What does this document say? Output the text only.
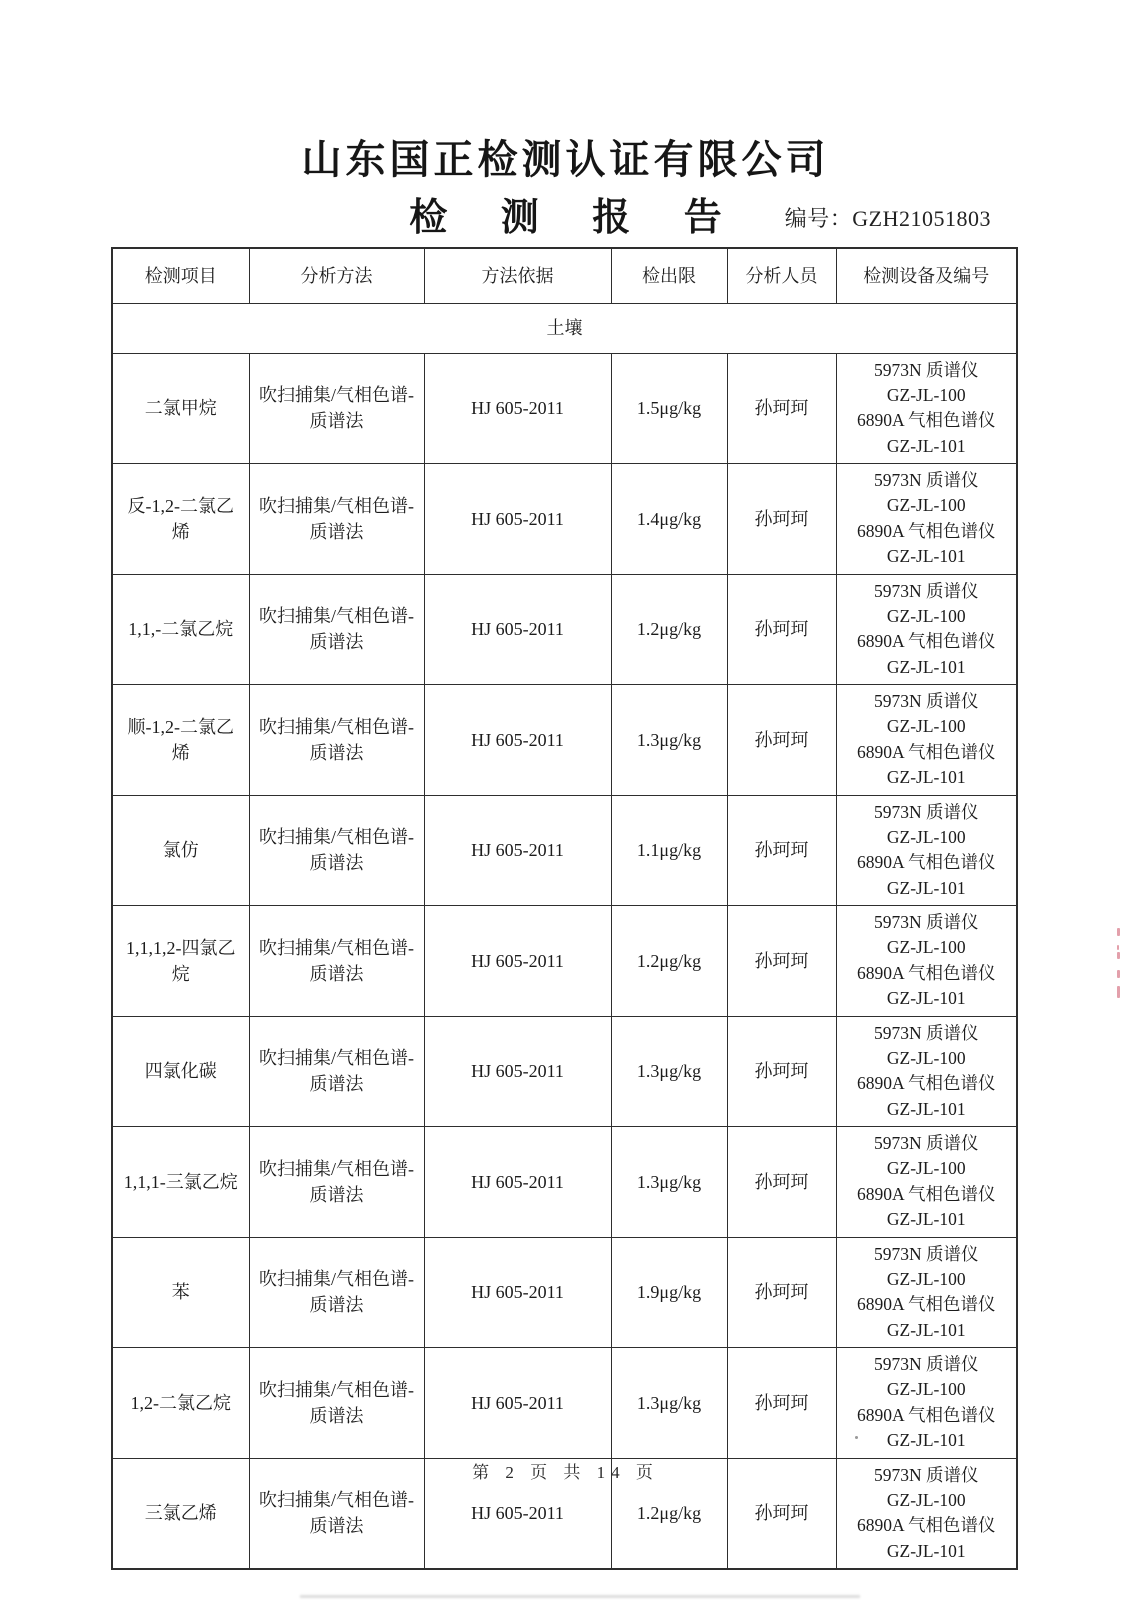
山东国正检测认证有限公司
检 测 报 告	编号：GZH21051803
检测项目	分析方法	方法依据	检出限	分析人员	检测设备及编号
土壤					
二氯甲烷	吹扫捕集/气相色谱-质谱法	HJ 605-2011	1.5μg/kg	孙珂珂	5973N 质谱仪
GZ-JL-100
6890A 气相色谱仪
GZ-JL-101

反-1,2-二氯乙烯	吹扫捕集/气相色谱-质谱法	HJ 605-2011	1.4μg/kg	孙珂珂	5973N 质谱仪
GZ-JL-100
6890A 气相色谱仪
GZ-JL-101

1,1,-二氯乙烷	吹扫捕集/气相色谱-质谱法	HJ 605-2011	1.2μg/kg	孙珂珂	5973N 质谱仪
GZ-JL-100
6890A 气相色谱仪
GZ-JL-101

顺-1,2-二氯乙烯	吹扫捕集/气相色谱-质谱法	HJ 605-2011	1.3μg/kg	孙珂珂	5973N 质谱仪
GZ-JL-100
6890A 气相色谱仪
GZ-JL-101

氯仿	吹扫捕集/气相色谱-质谱法	HJ 605-2011	1.1μg/kg	孙珂珂	5973N 质谱仪
GZ-JL-100
6890A 气相色谱仪
GZ-JL-101

1,1,1,2-四氯乙烷	吹扫捕集/气相色谱-质谱法	HJ 605-2011	1.2μg/kg	孙珂珂	5973N 质谱仪
GZ-JL-100
6890A 气相色谱仪
GZ-JL-101

四氯化碳	吹扫捕集/气相色谱-质谱法	HJ 605-2011	1.3μg/kg	孙珂珂	5973N 质谱仪
GZ-JL-100
6890A 气相色谱仪
GZ-JL-101

1,1,1-三氯乙烷	吹扫捕集/气相色谱-质谱法	HJ 605-2011	1.3μg/kg	孙珂珂	5973N 质谱仪
GZ-JL-100
6890A 气相色谱仪
GZ-JL-101

苯	吹扫捕集/气相色谱-质谱法	HJ 605-2011	1.9μg/kg	孙珂珂	5973N 质谱仪
GZ-JL-100
6890A 气相色谱仪
GZ-JL-101

1,2-二氯乙烷	吹扫捕集/气相色谱-质谱法	HJ 605-2011	1.3μg/kg	孙珂珂	5973N 质谱仪
GZ-JL-100
6890A 气相色谱仪
GZ-JL-101

三氯乙烯	吹扫捕集/气相色谱-质谱法	HJ 605-2011	1.2μg/kg	孙珂珂	5973N 质谱仪
GZ-JL-100
6890A 气相色谱仪
GZ-JL-101
第 2 页 共 14 页
